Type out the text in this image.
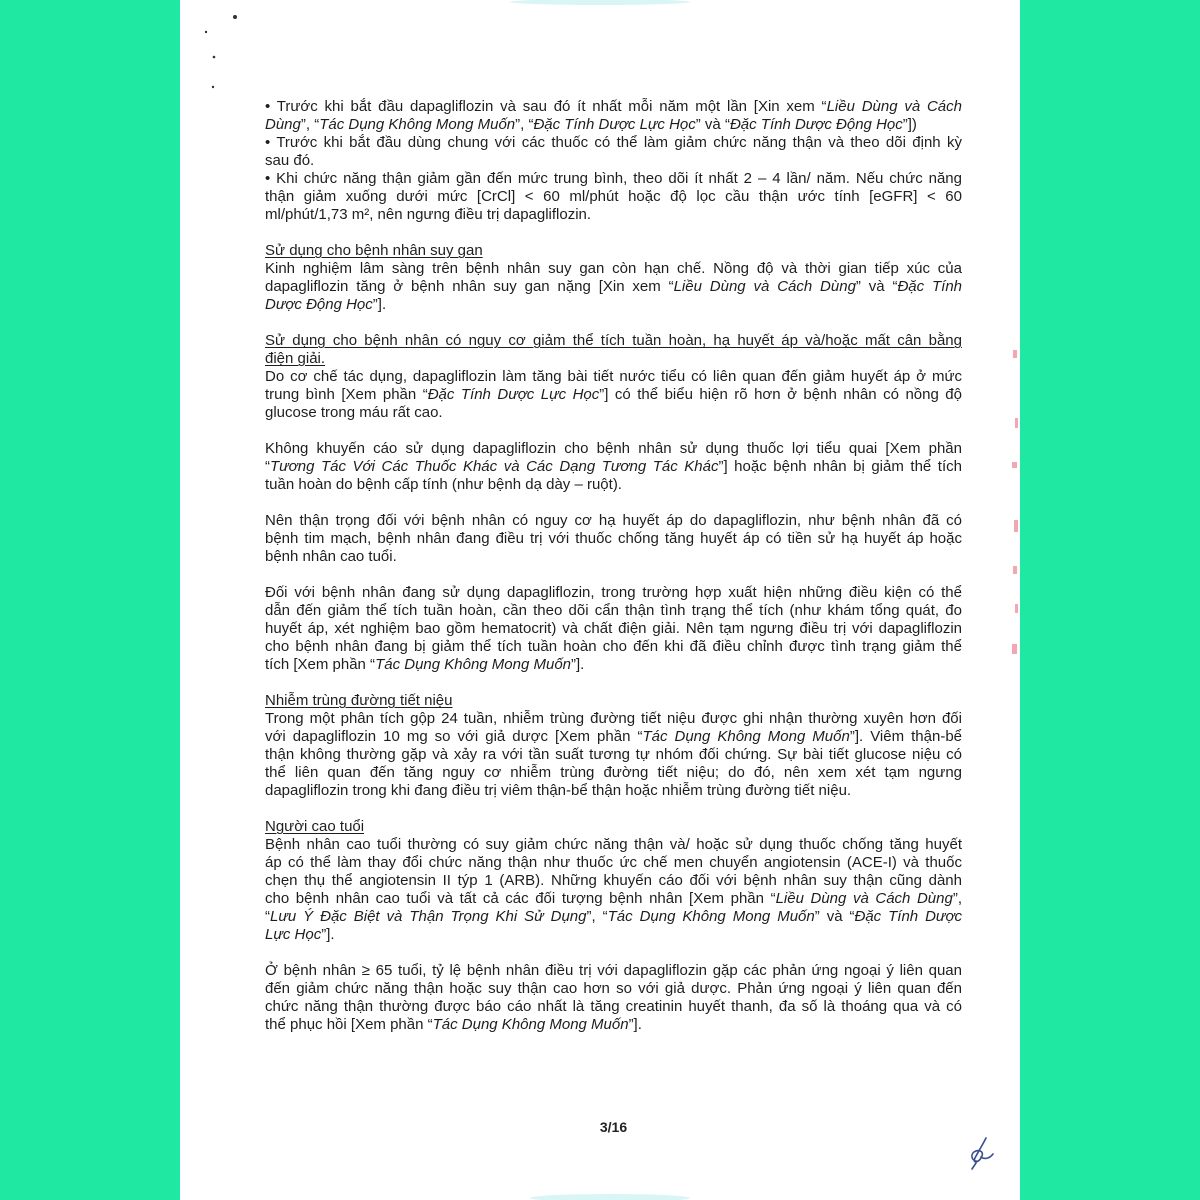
• Trước khi bắt đầu dapagliflozin và sau đó ít nhất mỗi năm một lần [Xin xem “Liều Dùng và Cách
Dùng”, “Tác Dụng Không Mong Muốn”, “Đặc Tính Dược Lực Học” và “Đặc Tính Dược Động Học”])
• Trước khi bắt đầu dùng chung với các thuốc có thể làm giảm chức năng thận và theo dõi định kỳ
sau đó.
• Khi chức năng thận giảm gần đến mức trung bình, theo dõi ít nhất 2 – 4 lần/ năm. Nếu chức năng
thận giảm xuống dưới mức [CrCl] < 60 ml/phút hoặc độ lọc cầu thận ước tính [eGFR] < 60
ml/phút/1,73 m², nên ngưng điều trị dapagliflozin.
Sử dụng cho bệnh nhân suy gan
Kinh nghiệm lâm sàng trên bệnh nhân suy gan còn hạn chế. Nồng độ và thời gian tiếp xúc của
dapagliflozin tăng ở bệnh nhân suy gan nặng [Xin xem “Liều Dùng và Cách Dùng” và “Đặc Tính
Dược Động Học”].
Sử dụng cho bệnh nhân có nguy cơ giảm thể tích tuần hoàn, hạ huyết áp và/hoặc mất cân bằng
điện giải.
Do cơ chế tác dụng, dapagliflozin làm tăng bài tiết nước tiểu có liên quan đến giảm huyết áp ở mức
trung bình [Xem phần “Đặc Tính Dược Lực Học”] có thể biểu hiện rõ hơn ở bệnh nhân có nồng độ
glucose trong máu rất cao.
Không khuyến cáo sử dụng dapagliflozin cho bệnh nhân sử dụng thuốc lợi tiểu quai [Xem phần
“Tương Tác Với Các Thuốc Khác và Các Dạng Tương Tác Khác”] hoặc bệnh nhân bị giảm thể tích
tuần hoàn do bệnh cấp tính (như bệnh dạ dày – ruột).
Nên thận trọng đối với bệnh nhân có nguy cơ hạ huyết áp do dapagliflozin, như bệnh nhân đã có
bệnh tim mạch, bệnh nhân đang điều trị với thuốc chống tăng huyết áp có tiền sử hạ huyết áp hoặc
bệnh nhân cao tuổi.
Đối với bệnh nhân đang sử dụng dapagliflozin, trong trường hợp xuất hiện những điều kiện có thể
dẫn đến giảm thể tích tuần hoàn, cần theo dõi cẩn thận tình trạng thể tích (như khám tổng quát, đo
huyết áp, xét nghiệm bao gồm hematocrit) và chất điện giải. Nên tạm ngưng điều trị với dapagliflozin
cho bệnh nhân đang bị giảm thể tích tuần hoàn cho đến khi đã điều chỉnh được tình trạng giảm thể
tích [Xem phần “Tác Dụng Không Mong Muốn”].
Nhiễm trùng đường tiết niệu
Trong một phân tích gộp 24 tuần, nhiễm trùng đường tiết niệu được ghi nhận thường xuyên hơn đối
với dapagliflozin 10 mg so với giả dược [Xem phần “Tác Dụng Không Mong Muốn”]. Viêm thận-bể
thận không thường gặp và xảy ra với tần suất tương tự nhóm đối chứng. Sự bài tiết glucose niệu có
thể liên quan đến tăng nguy cơ nhiễm trùng đường tiết niệu; do đó, nên xem xét tạm ngưng
dapagliflozin trong khi đang điều trị viêm thận-bể thận hoặc nhiễm trùng đường tiết niệu.
Người cao tuổi
Bệnh nhân cao tuổi thường có suy giảm chức năng thận và/ hoặc sử dụng thuốc chống tăng huyết
áp có thể làm thay đổi chức năng thận như thuốc ức chế men chuyển angiotensin (ACE-I) và thuốc
chẹn thụ thể angiotensin II týp 1 (ARB). Những khuyến cáo đối với bệnh nhân suy thận cũng dành
cho bệnh nhân cao tuổi và tất cả các đối tượng bệnh nhân [Xem phần “Liều Dùng và Cách Dùng”,
“Lưu Ý Đặc Biệt và Thận Trọng Khi Sử Dụng”, “Tác Dụng Không Mong Muốn” và “Đặc Tính Dược
Lực Học”].
Ở bệnh nhân ≥ 65 tuổi, tỷ lệ bệnh nhân điều trị với dapagliflozin gặp các phản ứng ngoại ý liên quan
đến giảm chức năng thận hoặc suy thận cao hơn so với giả dược. Phản ứng ngoại ý liên quan đến
chức năng thận thường được báo cáo nhất là tăng creatinin huyết thanh, đa số là thoáng qua và có
thể phục hồi [Xem phần “Tác Dụng Không Mong Muốn”].
3/16
